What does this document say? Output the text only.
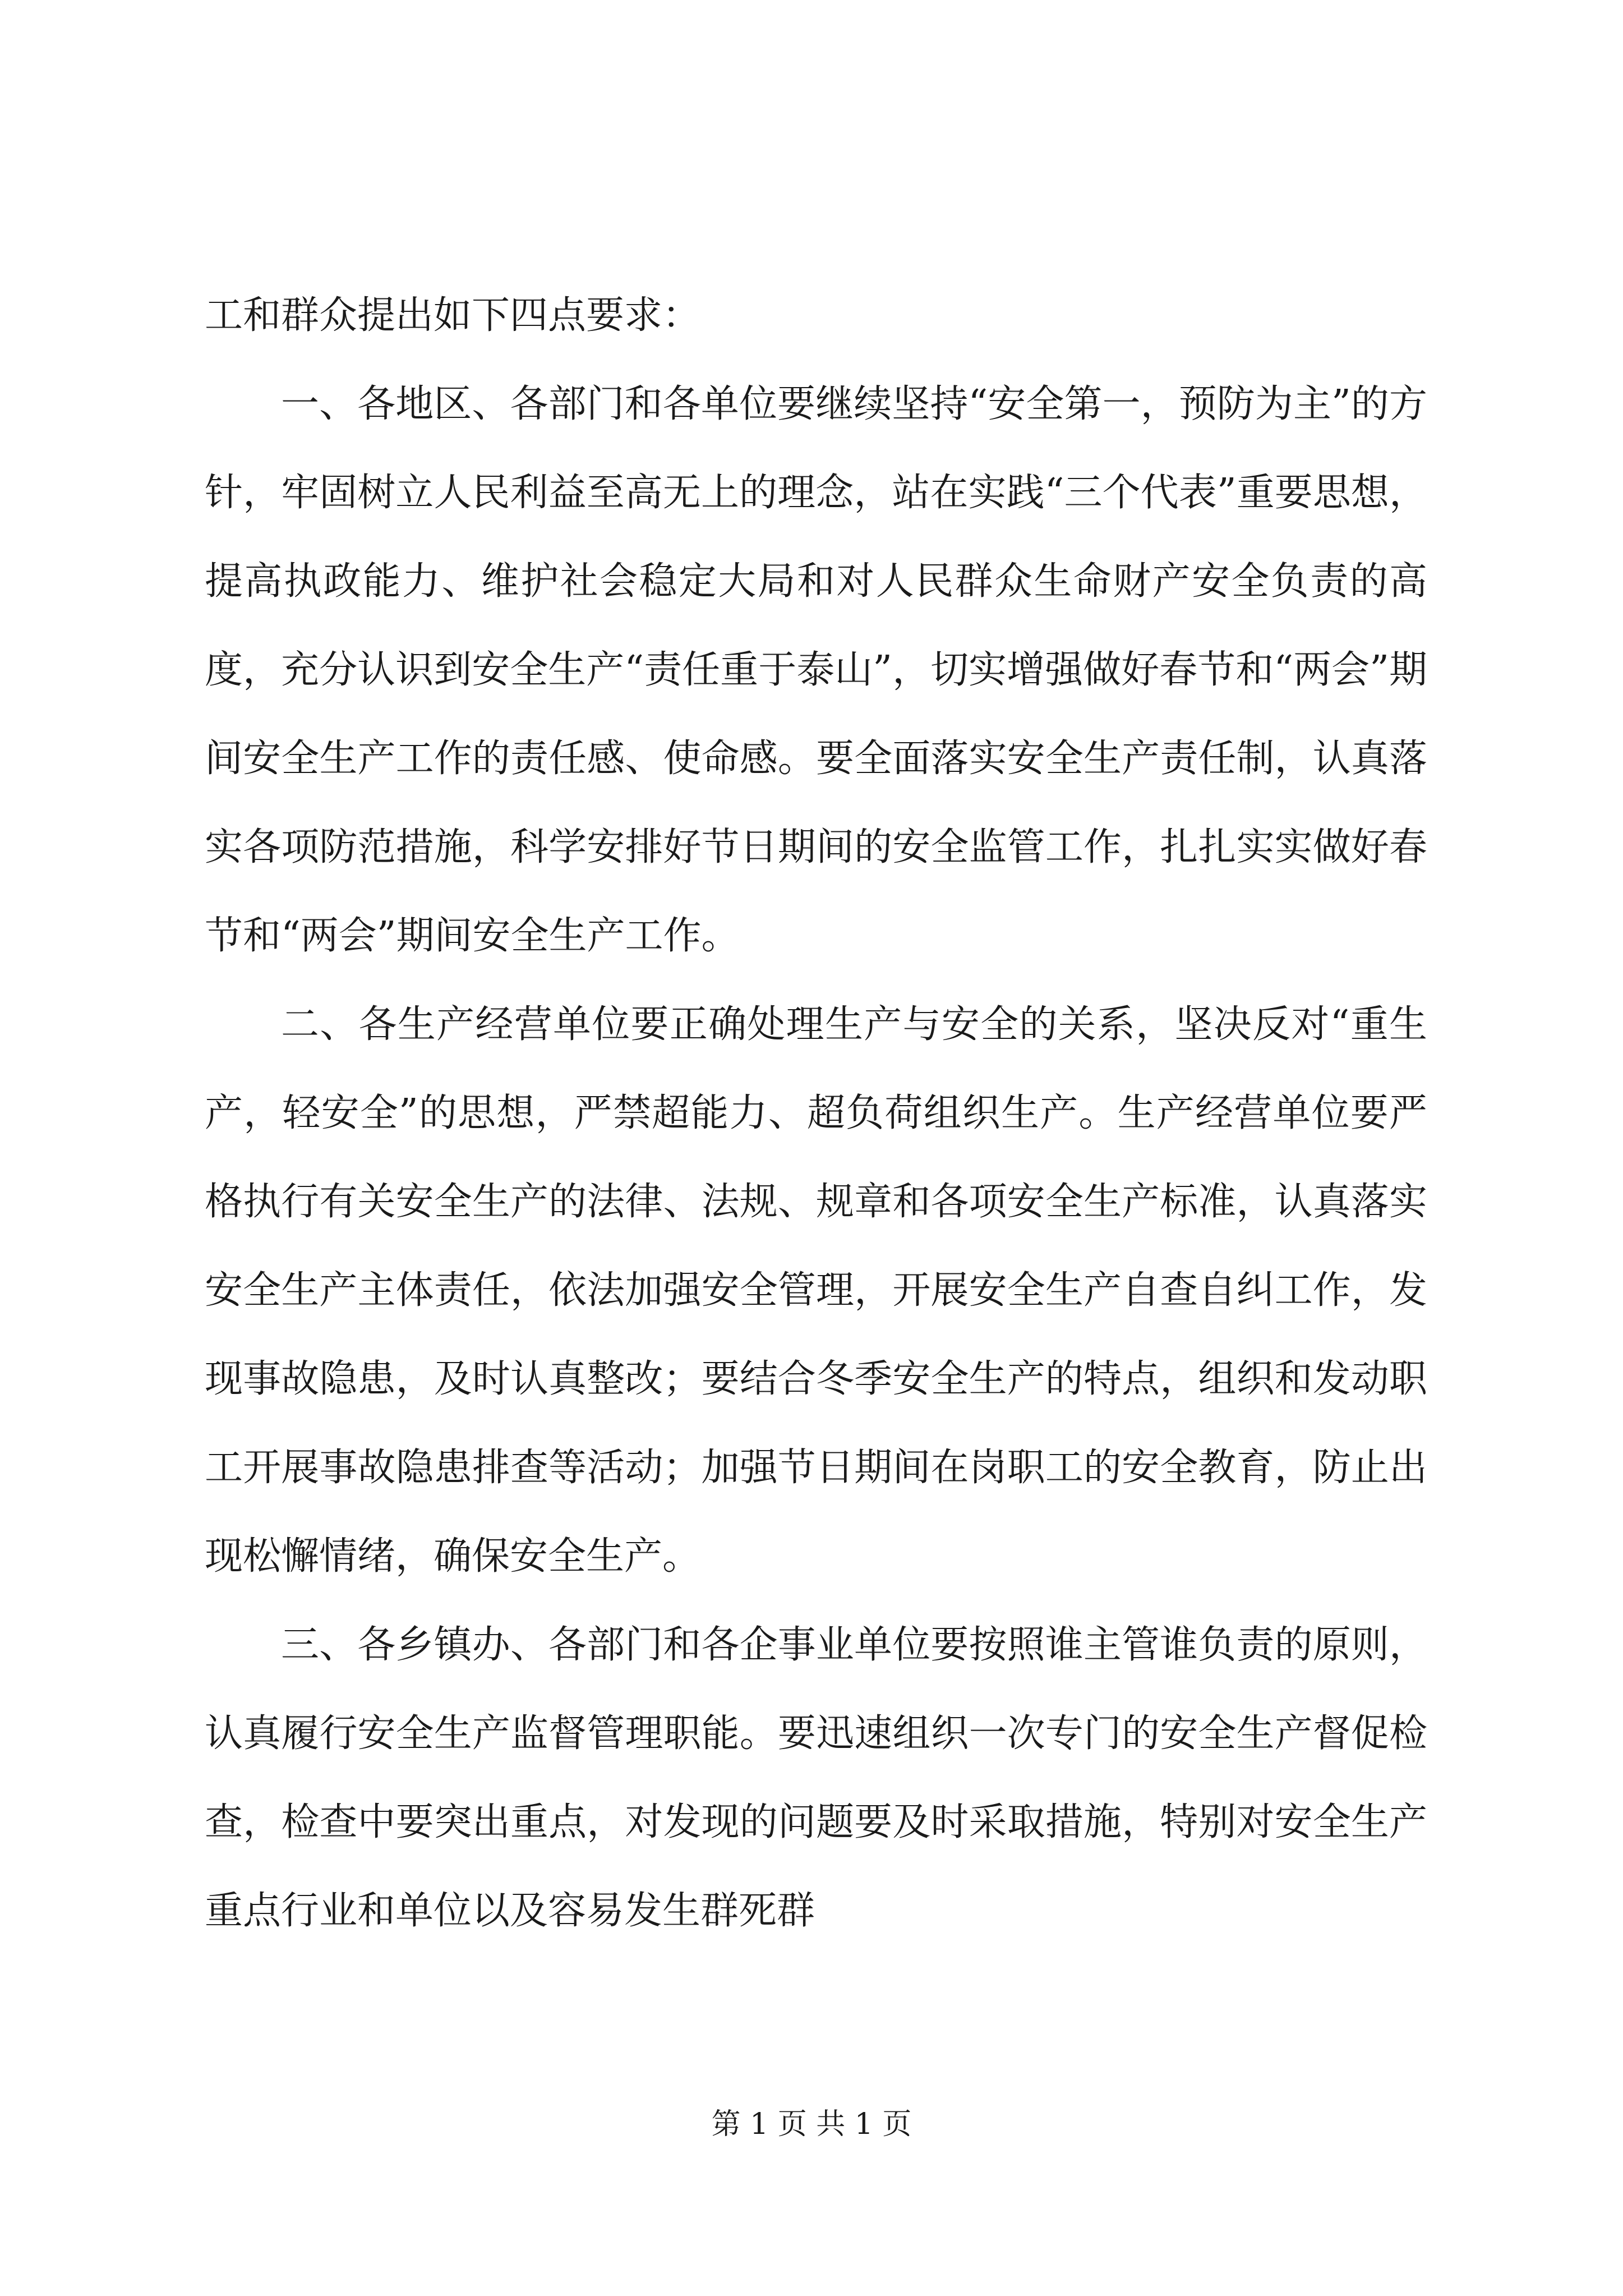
工和群众提出如下四点要求：

一、各地区、各部门和各单位要继续坚持“安全第一，预防为主”的方针，牢固树立人民利益至高无上的理念，站在实践“三个代表”重要思想，提高执政能力、维护社会稳定大局和对人民群众生命财产安全负责的高度，充分认识到安全生产“责任重于泰山”，切实增强做好春节和“两会”期间安全生产工作的责任感、使命感。要全面落实安全生产责任制，认真落实各项防范措施，科学安排好节日期间的安全监管工作，扎扎实实做好春节和“两会”期间安全生产工作。

二、各生产经营单位要正确处理生产与安全的关系，坚决反对“重生产，轻安全”的思想，严禁超能力、超负荷组织生产。生产经营单位要严格执行有关安全生产的法律、法规、规章和各项安全生产标准，认真落实安全生产主体责任，依法加强安全管理，开展安全生产自查自纠工作，发现事故隐患，及时认真整改；要结合冬季安全生产的特点，组织和发动职工开展事故隐患排查等活动；加强节日期间在岗职工的安全教育，防止出现松懈情绪，确保安全生产。

三、各乡镇办、各部门和各企事业单位要按照谁主管谁负责的原则，认真履行安全生产监督管理职能。要迅速组织一次专门的安全生产督促检查，检查中要突出重点，对发现的问题要及时采取措施，特别对安全生产重点行业和单位以及容易发生群死群

第 1 页 共 1 页
